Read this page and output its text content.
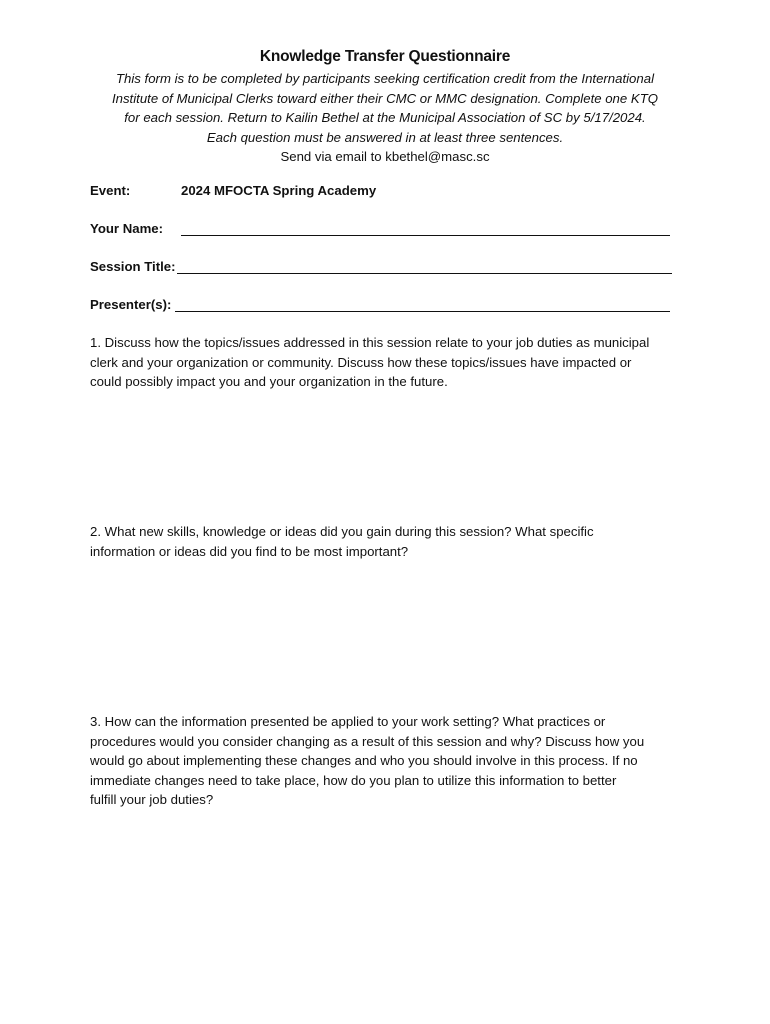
Knowledge Transfer Questionnaire
This form is to be completed by participants seeking certification credit from the International
Institute of Municipal Clerks toward either their CMC or MMC designation. Complete one KTQ
for each session. Return to Kailin Bethel at the Municipal Association of SC by 5/17/2024.
Each question must be answered in at least three sentences.
Send via email to kbethel@masc.sc
Event:	2024 MFOCTA Spring Academy
Your Name:
Session Title:
Presenter(s):
1. Discuss how the topics/issues addressed in this session relate to your job duties as municipal
clerk and your organization or community. Discuss how these topics/issues have impacted or
could possibly impact you and your organization in the future.
2. What new skills, knowledge or ideas did you gain during this session? What specific
information or ideas did you find to be most important?
3. How can the information presented be applied to your work setting? What practices or
procedures would you consider changing as a result of this session and why? Discuss how you
would go about implementing these changes and who you should involve in this process. If no
immediate changes need to take place, how do you plan to utilize this information to better
fulfill your job duties?
